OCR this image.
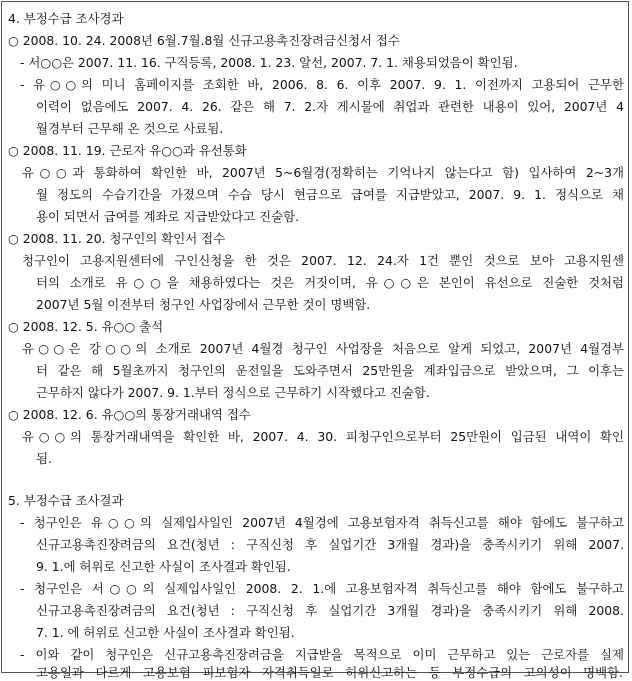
4. 부정수급 조사경과
○ 2008. 10. 24. 2008년 6월.7월.8월 신규고용촉진장려금신청서 접수
- 서○○은 2007. 11. 16. 구직등록, 2008. 1. 23. 알선, 2007. 7. 1. 채용되었음이 확인됨.
- 유○○의 미니 홈페이지를 조회한 바, 2006. 8. 6. 이후 2007. 9. 1. 이전까지 고용되어 근무한
이력이 없음에도 2007. 4. 26. 같은 해 7. 2.자 게시물에 취업과 관련한 내용이 있어, 2007년 4
월경부터 근무해 온 것으로 사료됨.
○ 2008. 11. 19. 근로자 유○○과 유선통화
유○○과 통화하여 확인한 바, 2007년 5~6월경(정확히는 기억나지 않는다고 함) 입사하여 2~3개
월 정도의 수습기간을 가졌으며 수습 당시 현금으로 급여를 지급받았고, 2007. 9. 1. 정식으로 채
용이 되면서 급여를 계좌로 지급받았다고 진술함.
○ 2008. 11. 20. 청구인의 확인서 접수
청구인이 고용지원센터에 구인신청을 한 것은 2007. 12. 24.자 1건 뿐인 것으로 보아 고용지원센
터의 소개로 유○○을 채용하였다는 것은 거짓이며, 유○○은 본인이 유선으로 진술한 것처럼
2007년 5월 이전부터 청구인 사업장에서 근무한 것이 명백함.
○ 2008. 12. 5. 유○○ 출석
유○○은 강○○의 소개로 2007년 4월경 청구인 사업장을 처음으로 알게 되었고, 2007년 4월경부
터 같은 해 5월초까지 청구인의 운전일을 도와주면서 25만원을 계좌입금으로 받았으며, 그 이후는
근무하지 않다가 2007. 9. 1.부터 정식으로 근무하기 시작했다고 진술함.
○ 2008. 12. 6. 유○○의 통장거래내역 접수
유○○의 통장거래내역을 확인한 바, 2007. 4. 30. 피청구인으로부터 25만원이 입금된 내역이 확인
됨.
5. 부정수급 조사결과
- 청구인은 유○○의 실제입사일인 2007년 4월경에 고용보험자격 취득신고를 해야 함에도 불구하고
신규고용촉진장려금의 요건(청년 : 구직신청 후 실업기간 3개월 경과)을 충족시키기 위해 2007.
9. 1.에 허위로 신고한 사실이 조사결과 확인됨.
- 청구인은 서○○의 실제입사일인 2008. 2. 1.에 고용보험자격 취득신고를 해야 함에도 불구하고
신규고용촉진장려금의 요건(청년 : 구직신청 후 실업기간 3개월 경과)을 충족시키기 위해 2008.
7. 1. 에 허위로 신고한 사실이 조사결과 확인됨.
- 이와 같이 청구인은 신규고용촉진장려금을 지급받을 목적으로 이미 근무하고 있는 근로자를 실제
고용일과 다르게 고용보험 피보험자 자격취득일로 허위신고하는 등 부정수급의 고의성이 명백함.
